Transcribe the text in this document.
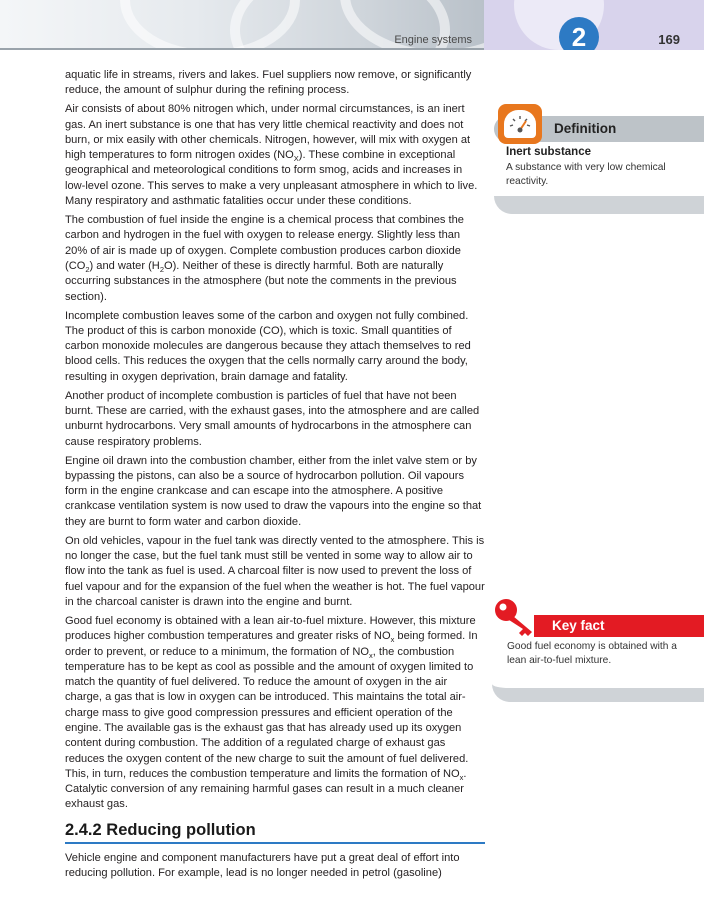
Engine systems	2	169

aquatic life in streams, rivers and lakes. Fuel suppliers now remove, or significantly reduce, the amount of sulphur during the refining process.

Air consists of about 80% nitrogen which, under normal circumstances, is an inert gas. An inert substance is one that has very little chemical reactivity and does not burn, or mix easily with other chemicals. Nitrogen, however, will mix with oxygen at high temperatures to form nitrogen oxides $(NO_X)$. These combine in exceptional geographical and meteorological conditions to form smog, acids and increases in low-level ozone. This serves to make a very unpleasant atmosphere in which to live. Many respiratory and asthmatic fatalities occur under these conditions.

The combustion of fuel inside the engine is a chemical process that combines the carbon and hydrogen in the fuel with oxygen to release energy. Slightly less than 20% of air is made up of oxygen. Complete combustion produces carbon dioxide $(CO_2)$ and water $(H_2O)$. Neither of these is directly harmful. Both are naturally occurring substances in the atmosphere (but note the comments in the previous section).

Incomplete combustion leaves some of the carbon and oxygen not fully combined. The product of this is carbon monoxide (CO), which is toxic. Small quantities of carbon monoxide molecules are dangerous because they attach themselves to red blood cells. This reduces the oxygen that the cells normally carry around the body, resulting in oxygen deprivation, brain damage and fatality.

Another product of incomplete combustion is particles of fuel that have not been burnt. These are carried, with the exhaust gases, into the atmosphere and are called unburnt hydrocarbons. Very small amounts of hydrocarbons in the atmosphere can cause respiratory problems.

Engine oil drawn into the combustion chamber, either from the inlet valve stem or by bypassing the pistons, can also be a source of hydrocarbon pollution. Oil vapours form in the engine crankcase and can escape into the atmosphere. A positive crankcase ventilation system is now used to draw the vapours into the engine so that they are burnt to form water and carbon dioxide.

On old vehicles, vapour in the fuel tank was directly vented to the atmosphere. This is no longer the case, but the fuel tank must still be vented in some way to allow air to flow into the tank as fuel is used. A charcoal filter is now used to prevent the loss of fuel vapour and for the expansion of the fuel when the weather is hot. The fuel vapour in the charcoal canister is drawn into the engine and burnt.

Good fuel economy is obtained with a lean air-to-fuel mixture. However, this mixture produces higher combustion temperatures and greater risks of $NO_x$ being formed. In order to prevent, or reduce to a minimum, the formation of $NO_x$, the combustion temperature has to be kept as cool as possible and the amount of oxygen limited to match the quantity of fuel delivered. To reduce the amount of oxygen in the air charge, a gas that is low in oxygen can be introduced. This maintains the total air-charge mass to give good compression pressures and efficient operation of the engine. The available gas is the exhaust gas that has already used up its oxygen content during combustion. The addition of a regulated charge of exhaust gas reduces the oxygen content of the new charge to suit the amount of fuel delivered. This, in turn, reduces the combustion temperature and limits the formation of $NO_x$. Catalytic conversion of any remaining harmful gases can result in a much cleaner exhaust gas.

2.4.2 Reducing pollution

Vehicle engine and component manufacturers have put a great deal of effort into reducing pollution. For example, lead is no longer needed in petrol (gasoline)

Definition
Inert substance
A substance with very low chemical reactivity.
Key fact
Good fuel economy is obtained with a lean air-to-fuel mixture.
